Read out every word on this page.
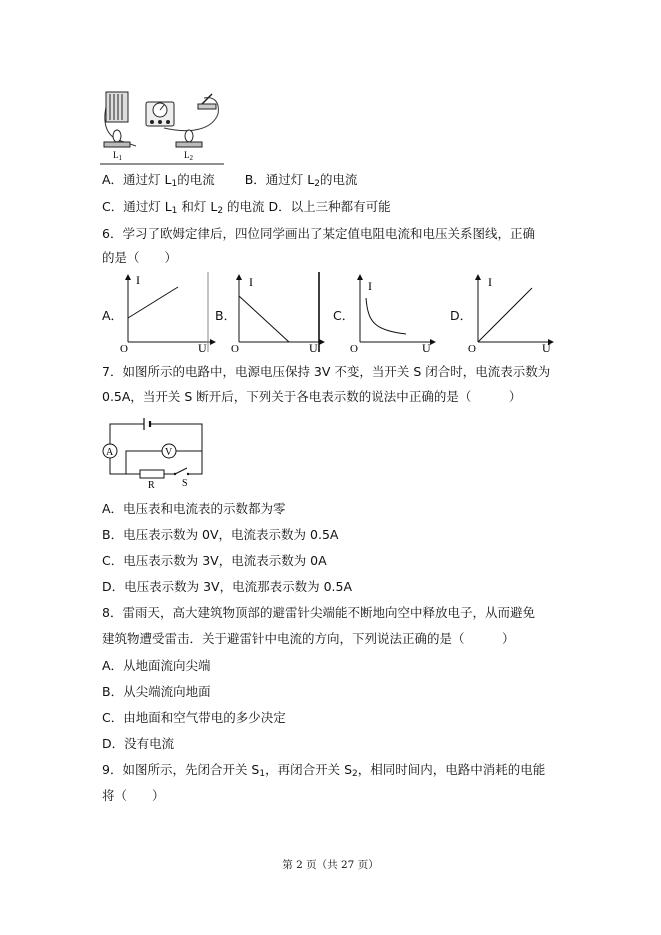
$L_1$	$L_2$
A．通过灯 $L_1$的电流 B．通过灯 $L_2$的电流
C．通过灯 $L_1$ 和灯 $L_2$ 的电流 D．以上三种都有可能
6．学习了欧姆定律后，四位同学画出了某定值电阻电流和电压关系图线，正确
的是（　　）
A．
I
U
O
B．
I
U
O
C．
I
U
O
D．
I
U
O
7．如图所示的电路中，电源电压保持 3V 不变，当开关 S 闭合时，电流表示数为
0.5A，当开关 S 断开后，下列关于各电表示数的说法中正确的是（　　　）
A	V
R	S
A．电压表和电流表的示数都为零
B．电压表示数为 0V，电流表示数为 0.5A
C．电压表示数为 3V，电流表示数为 0A
D．电压表示数为 3V，电流那表示数为 0.5A
8．雷雨天，高大建筑物顶部的避雷针尖端能不断地向空中释放电子，从而避免
建筑物遭受雷击．关于避雷针中电流的方向，下列说法正确的是（　　　）
A．从地面流向尖端
B．从尖端流向地面
C．由地面和空气带电的多少决定
D．没有电流
9．如图所示，先闭合开关 $S_1$，再闭合开关 $S_2$，相同时间内，电路中消耗的电能
将（　　）
第 2 页（共 27 页）
